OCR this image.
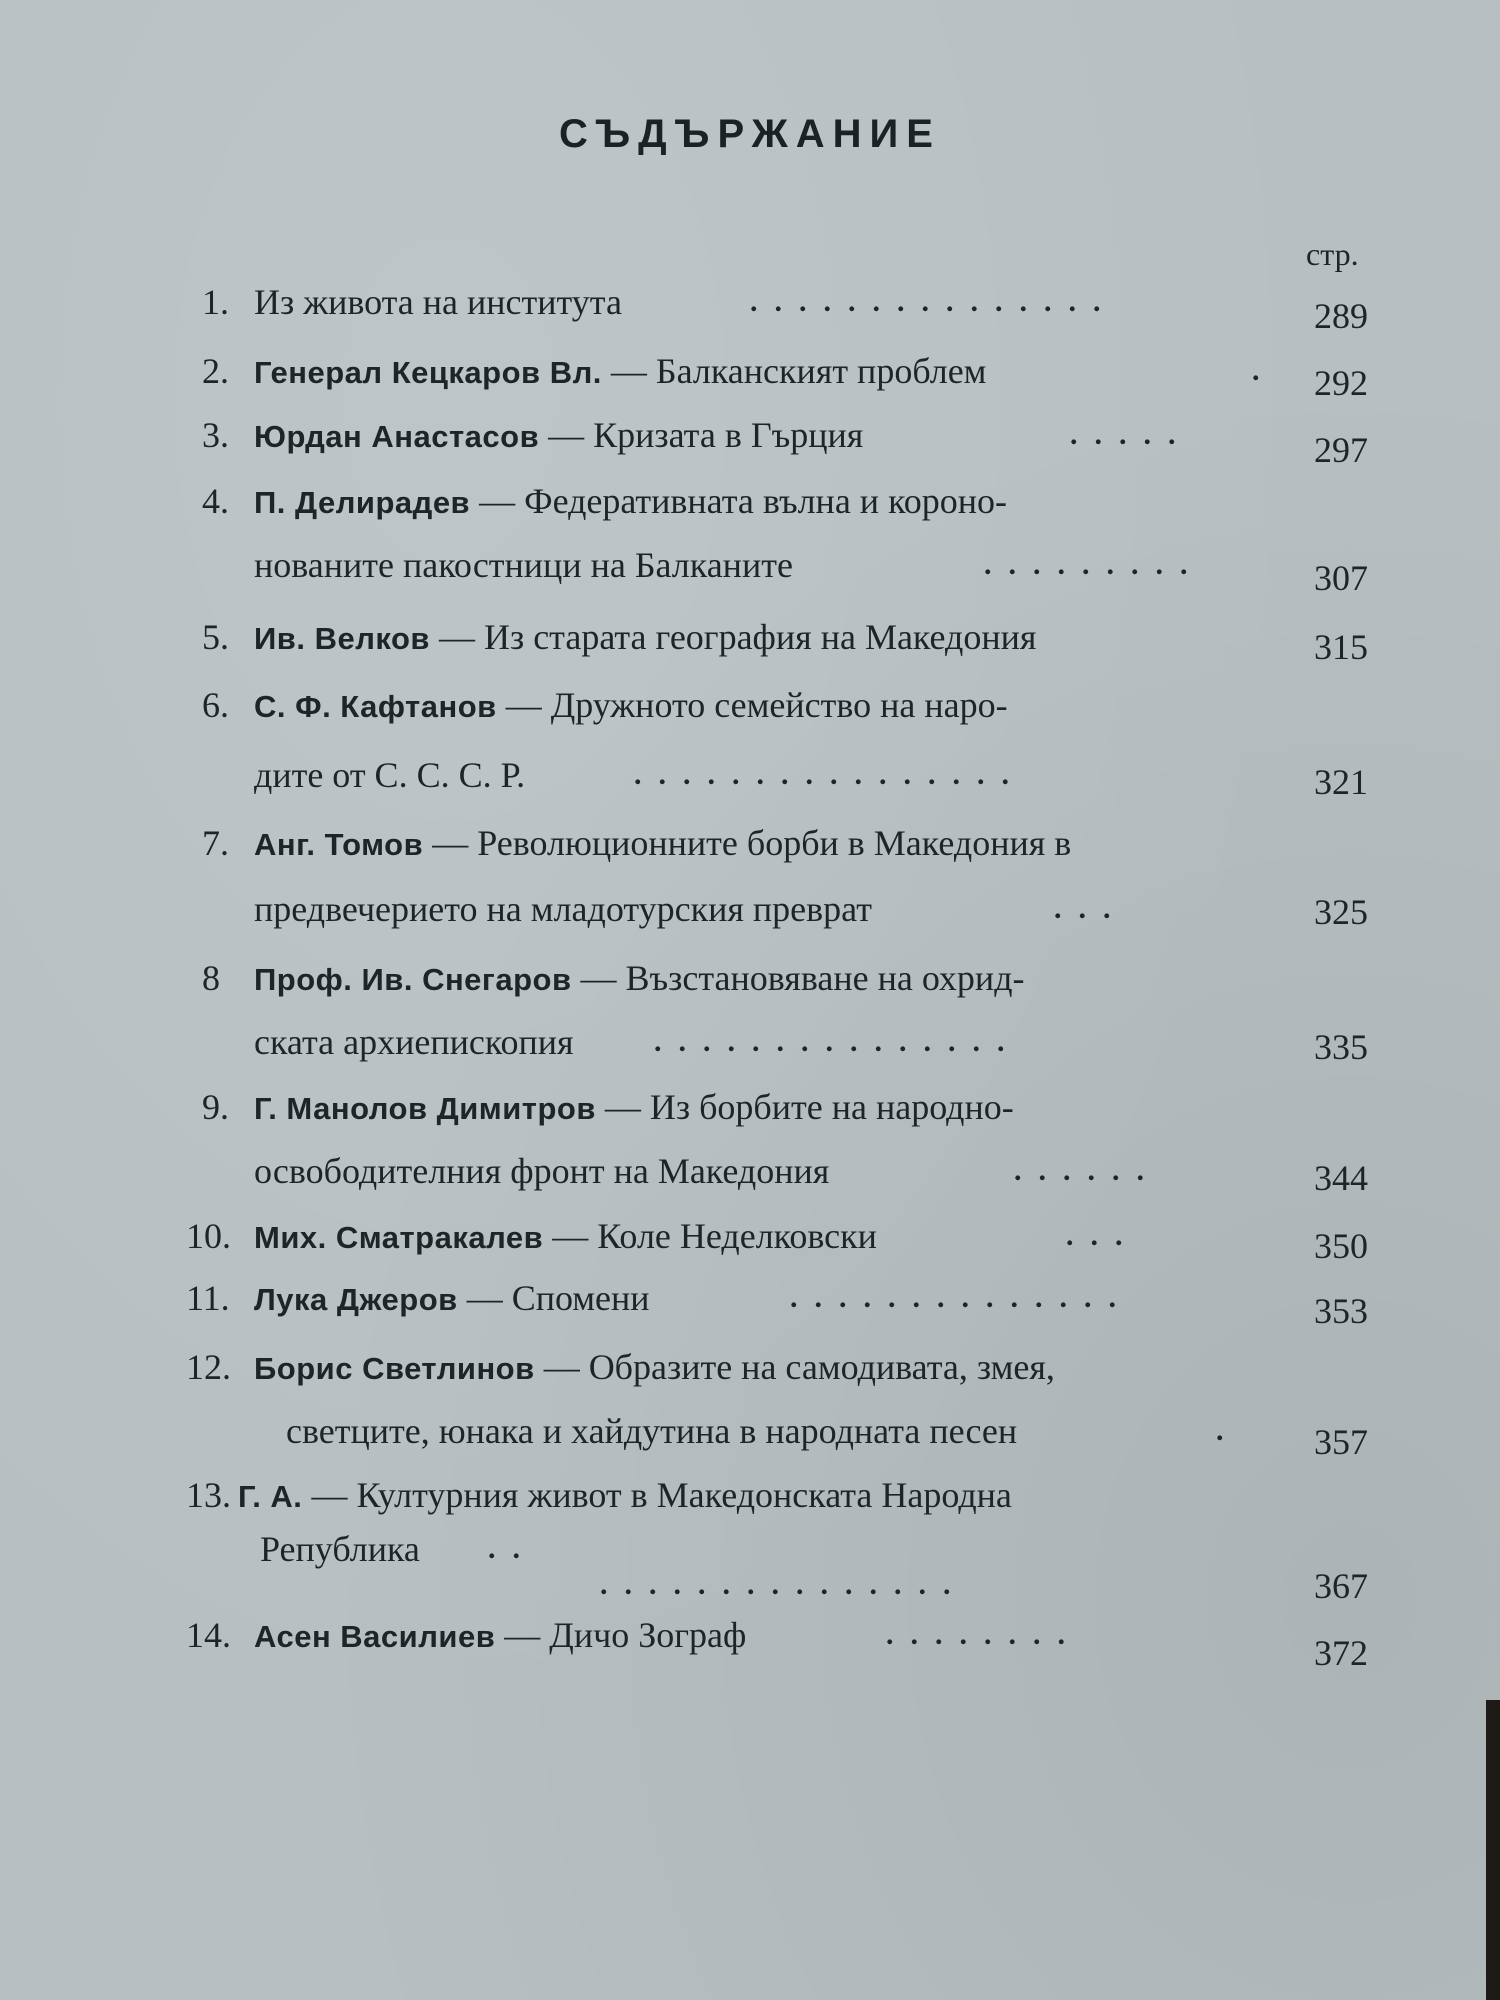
СЪДЪРЖАНИЕ
стр.
1. Из живота на института	...............	289
2. Генерал Кецкаров Вл. — Балканският проблем	.	292
3. Юрдан Анастасов — Кризата в Гърция	.....	297
4. П. Делирадев — Федеративната вълна и короно-
нованите пакостници на Балканите	.........	307
5. Ив. Велков — Из старата география на Македония	315
6. С. Ф. Кафтанов — Дружното семейство на наро-
дите от С. С. С. Р.	................	321
7. Анг. Томов — Революционните борби в Македония в
предвечерието на младотурския преврат	...	325
8 Проф. Ив. Снегаров — Възстановяване на охрид-
ската архиепископия	...............	335
9. Г. Манолов Димитров — Из борбите на народно-
освободителния фронт на Македония	......	344
10. Мих. Сматракалев — Коле Неделковски	...	350
11. Лука Джеров — Спомени	..............	353
12. Борис Светлинов — Образите на самодивата, змея,
светците, юнака и хайдутина в народната песен	.	357
13. Г. А. — Културния живот в Македонската Народна
Република ..
...............	367
14. Асен Василиев — Дичо Зограф	........	372
